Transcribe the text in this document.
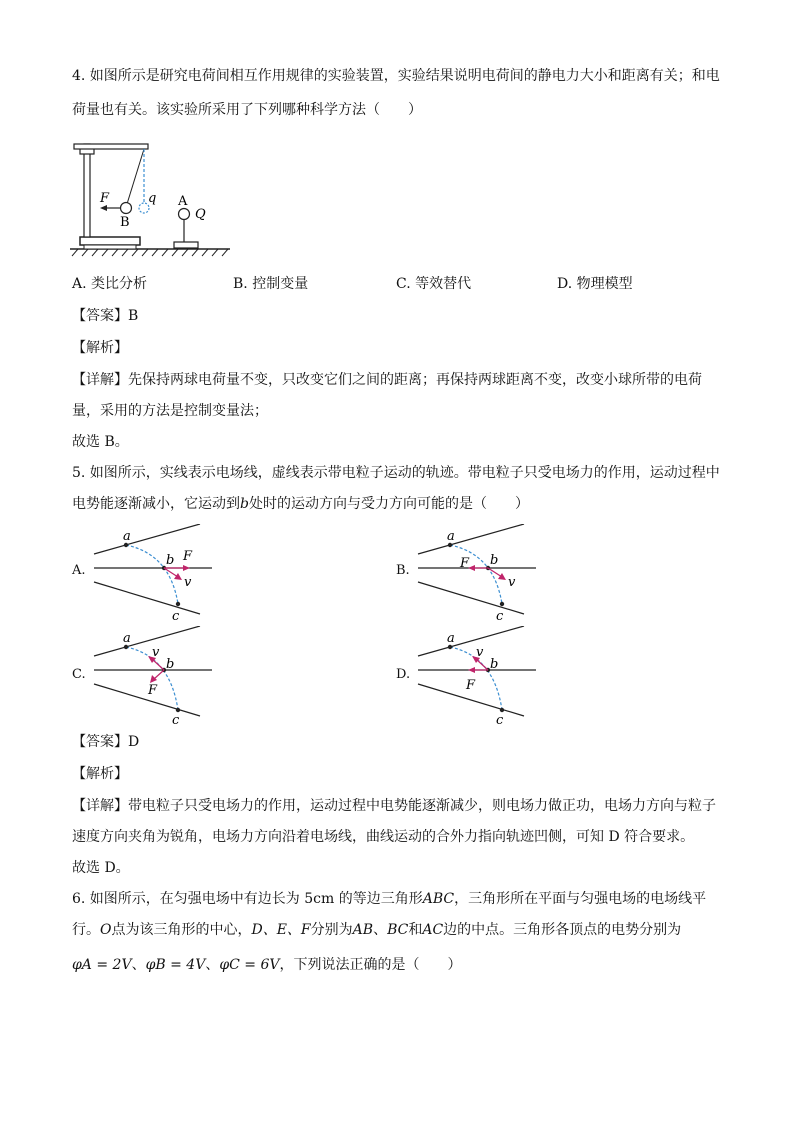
4. 如图所示是研究电荷间相互作用规律的实验装置，实验结果说明电荷间的静电力大小和距离有关；和电
荷量也有关。该实验所采用了下列哪种科学方法（　　）
F
B
q A
Q
A. 类比分析	B. 控制变量	C. 等效替代	D. 物理模型
【答案】B
【解析】
【详解】先保持两球电荷量不变，只改变它们之间的距离；再保持两球距离不变，改变小球所带的电荷
量，采用的方法是控制变量法；
故选 B。
5. 如图所示，实线表示电场线，虚线表示带电粒子运动的轨迹。带电粒子只受电场力的作用，运动过程中
电势能逐渐减小，它运动到b处时的运动方向与受力方向可能的是（　　）
A.
a
b F
v
c
B.
a
b
F
v
c
C.
a
b
v
F
c
D.
a
b
v
F
c
【答案】D
【解析】
【详解】带电粒子只受电场力的作用，运动过程中电势能逐渐减少，则电场力做正功，电场力方向与粒子
速度方向夹角为锐角，电场力方向沿着电场线，曲线运动的合外力指向轨迹凹侧，可知 D 符合要求。
故选 D。
6. 如图所示，在匀强电场中有边长为 5cm 的等边三角形ABC，三角形所在平面与匀强电场的电场线平
行。O点为该三角形的中心，D、E、F分别为AB、BC和AC边的中点。三角形各顶点的电势分别为
φA = 2V、φB = 4V、φC = 6V，下列说法正确的是（　　）
